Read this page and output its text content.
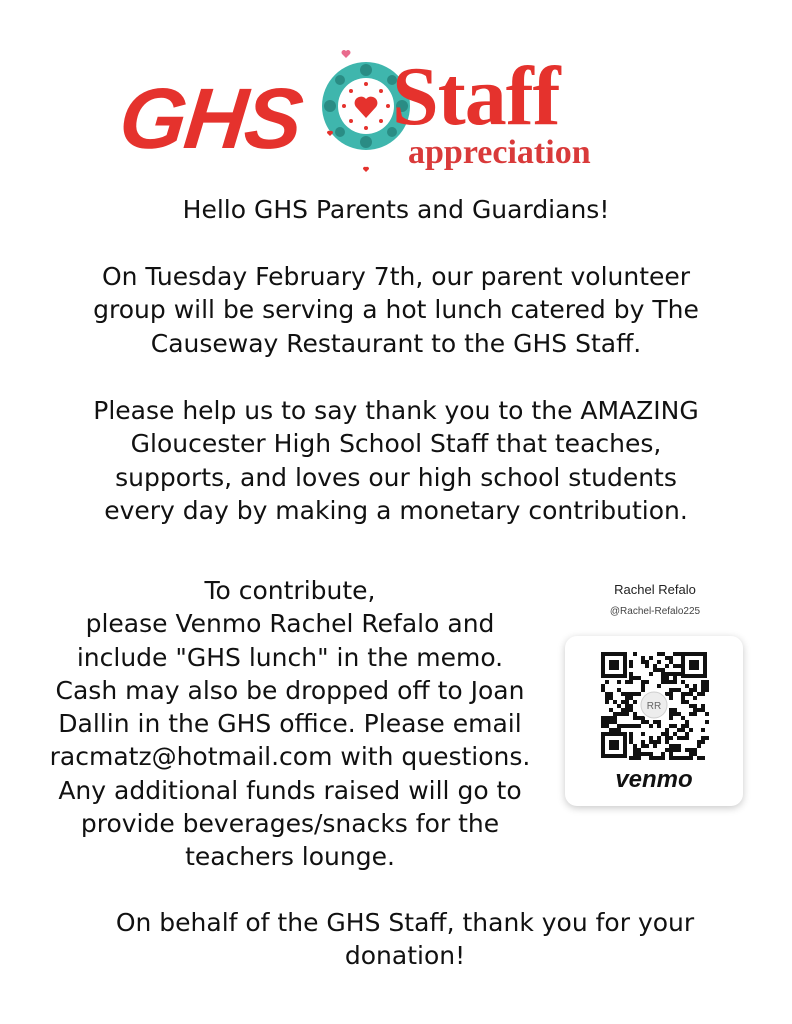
GHS Staff
appreciation
Hello GHS Parents and Guardians!
On Tuesday February 7th, our parent volunteer
group will be serving a hot lunch catered by The
Causeway Restaurant to the GHS Staff.
Please help us to say thank you to the AMAZING
Gloucester High School Staff that teaches,
supports, and loves our high school students
every day by making a monetary contribution.
To contribute,
please Venmo Rachel Refalo and
include "GHS lunch" in the memo.
Cash may also be dropped off to Joan
Dallin in the GHS office. Please email
racmatz@hotmail.com with questions.
Any additional funds raised will go to
provide beverages/snacks for the
teachers lounge.
Rachel Refalo
@Rachel-Refalo225
RR
venmo
On behalf of the GHS Staff, thank you for your
donation!
